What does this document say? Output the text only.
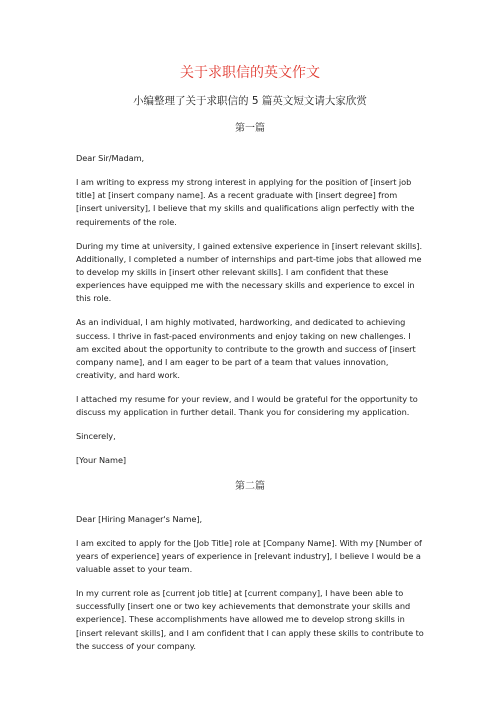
关于求职信的英文作文
小编整理了关于求职信的 5 篇英文短文请大家欣赏
第一篇

Dear Sir/Madam,

I am writing to express my strong interest in applying for the position of [insert job title] at [insert company name]. As a recent graduate with [insert degree] from [insert university], I believe that my skills and qualifications align perfectly with the requirements of the role.

During my time at university, I gained extensive experience in [insert relevant skills]. Additionally, I completed a number of internships and part-time jobs that allowed me to develop my skills in [insert other relevant skills]. I am confident that these experiences have equipped me with the necessary skills and experience to excel in this role.

As an individual, I am highly motivated, hardworking, and dedicated to achieving success. I thrive in fast-paced environments and enjoy taking on new challenges. I am excited about the opportunity to contribute to the growth and success of [insert company name], and I am eager to be part of a team that values innovation, creativity, and hard work.

I attached my resume for your review, and I would be grateful for the opportunity to discuss my application in further detail. Thank you for considering my application.

Sincerely,

[Your Name]

第二篇

Dear [Hiring Manager's Name],

I am excited to apply for the [Job Title] role at [Company Name]. With my [Number of years of experience] years of experience in [relevant industry], I believe I would be a valuable asset to your team.

In my current role as [current job title] at [current company], I have been able to successfully [insert one or two key achievements that demonstrate your skills and experience]. These accomplishments have allowed me to develop strong skills in [insert relevant skills], and I am confident that I can apply these skills to contribute to the success of your company.
